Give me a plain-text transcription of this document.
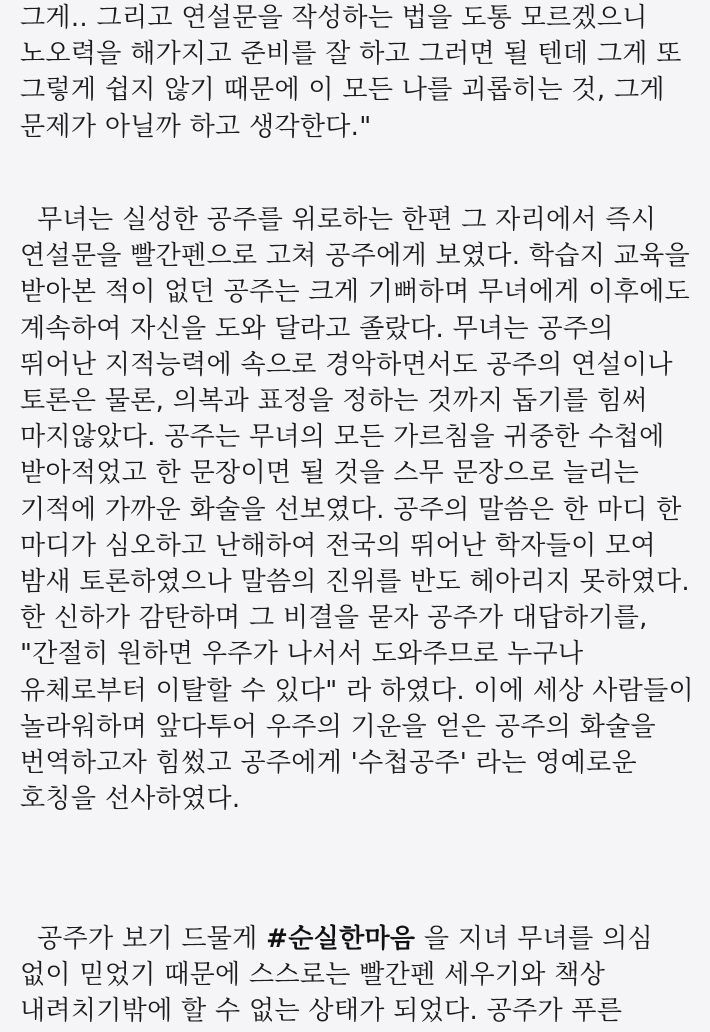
그게.. 그리고 연설문을 작성하는 법을 도통 모르겠으니
노오력을 해가지고 준비를 잘 하고 그러면 될 텐데 그게 또
그렇게 쉽지 않기 때문에 이 모든 나를 괴롭히는 것, 그게
문제가 아닐까 하고 생각한다."

무녀는 실성한 공주를 위로하는 한편 그 자리에서 즉시
연설문을 빨간펜으로 고쳐 공주에게 보였다. 학습지 교육을
받아본 적이 없던 공주는 크게 기뻐하며 무녀에게 이후에도
계속하여 자신을 도와 달라고 졸랐다. 무녀는 공주의
뛰어난 지적능력에 속으로 경악하면서도 공주의 연설이나
토론은 물론, 의복과 표정을 정하는 것까지 돕기를 힘써
마지않았다. 공주는 무녀의 모든 가르침을 귀중한 수첩에
받아적었고 한 문장이면 될 것을 스무 문장으로 늘리는
기적에 가까운 화술을 선보였다. 공주의 말씀은 한 마디 한
마디가 심오하고 난해하여 전국의 뛰어난 학자들이 모여
밤새 토론하였으나 말씀의 진위를 반도 헤아리지 못하였다.
한 신하가 감탄하며 그 비결을 묻자 공주가 대답하기를,
"간절히 원하면 우주가 나서서 도와주므로 누구나
유체로부터 이탈할 수 있다" 라 하였다. 이에 세상 사람들이
놀라워하며 앞다투어 우주의 기운을 얻은 공주의 화술을
번역하고자 힘썼고 공주에게 '수첩공주' 라는 영예로운
호칭을 선사하였다.

공주가 보기 드물게 #순실한마음 을 지녀 무녀를 의심
없이 믿었기 때문에 스스로는 빨간펜 세우기와 책상
내려치기밖에 할 수 없는 상태가 되었다. 공주가 푸른
